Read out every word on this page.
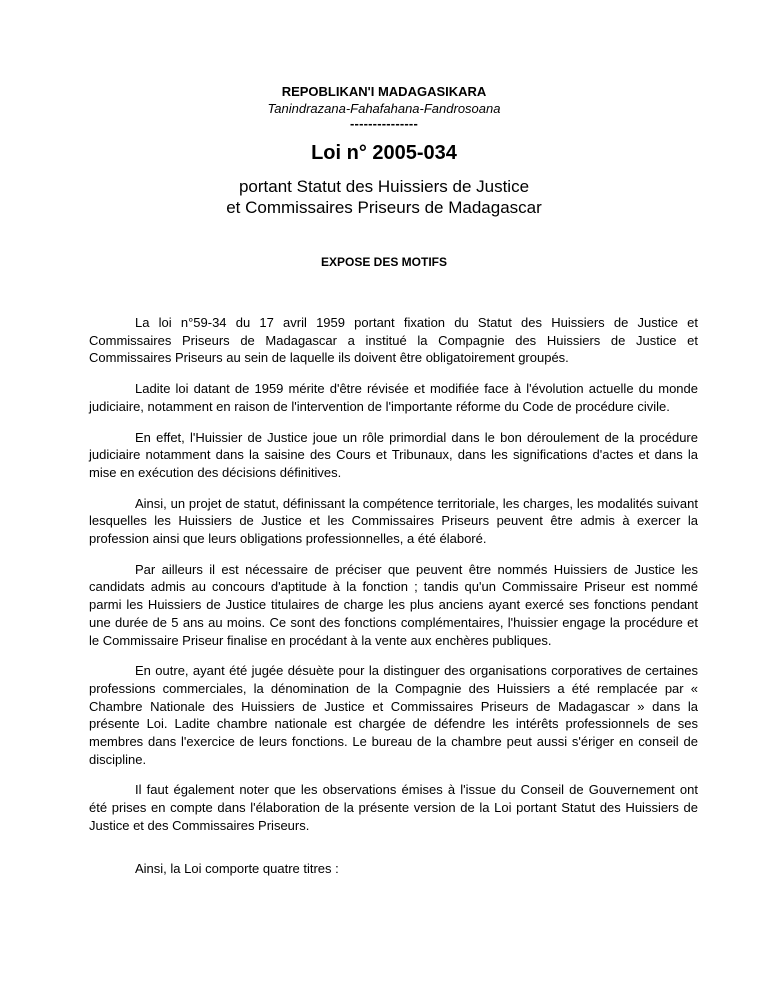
REPOBLIKAN'I MADAGASIKARA
Tanindrazana-Fahafahana-Fandrosoana
---------------
Loi n° 2005-034
portant Statut des Huissiers de Justice
et Commissaires Priseurs de Madagascar
EXPOSE DES MOTIFS

La loi n°59-34 du 17 avril 1959 portant fixation du Statut des Huissiers de Justice et Commissaires Priseurs de Madagascar a institué la Compagnie des Huissiers de Justice et Commissaires Priseurs au sein de laquelle ils doivent être obligatoirement groupés.

Ladite loi datant de 1959 mérite d'être révisée et modifiée face à l'évolution actuelle du monde judiciaire, notamment en raison de l'intervention de l'importante réforme du Code de procédure civile.

En effet, l'Huissier de Justice joue un rôle primordial dans le bon déroulement de la procédure judiciaire notamment dans la saisine des Cours et Tribunaux, dans les significations d'actes et dans la mise en exécution des décisions définitives.

Ainsi, un projet de statut, définissant la compétence territoriale, les charges, les modalités suivant lesquelles les Huissiers de Justice et les Commissaires Priseurs peuvent être admis à exercer la profession ainsi que leurs obligations professionnelles, a été élaboré.

Par ailleurs il est nécessaire de préciser que peuvent être nommés Huissiers de Justice les candidats admis au concours d'aptitude à la fonction ; tandis qu'un Commissaire Priseur est nommé parmi les Huissiers de Justice titulaires de charge les plus anciens ayant exercé ses fonctions pendant une durée de 5 ans au moins. Ce sont des fonctions complémentaires, l'huissier engage la procédure et le Commissaire Priseur finalise en procédant à la vente aux enchères publiques.

En outre, ayant été jugée désuète pour la distinguer des organisations corporatives de certaines professions commerciales, la dénomination de la Compagnie des Huissiers a été remplacée par « Chambre Nationale des Huissiers de Justice et Commissaires Priseurs de Madagascar » dans la présente Loi. Ladite chambre nationale est chargée de défendre les intérêts professionnels de ses membres dans l'exercice de leurs fonctions. Le bureau de la chambre peut aussi s'ériger en conseil de discipline.

Il faut également noter que les observations émises à l'issue du Conseil de Gouvernement ont été prises en compte dans l'élaboration de la présente version de la Loi portant Statut des Huissiers de Justice et des Commissaires Priseurs.

Ainsi, la Loi comporte quatre titres :
